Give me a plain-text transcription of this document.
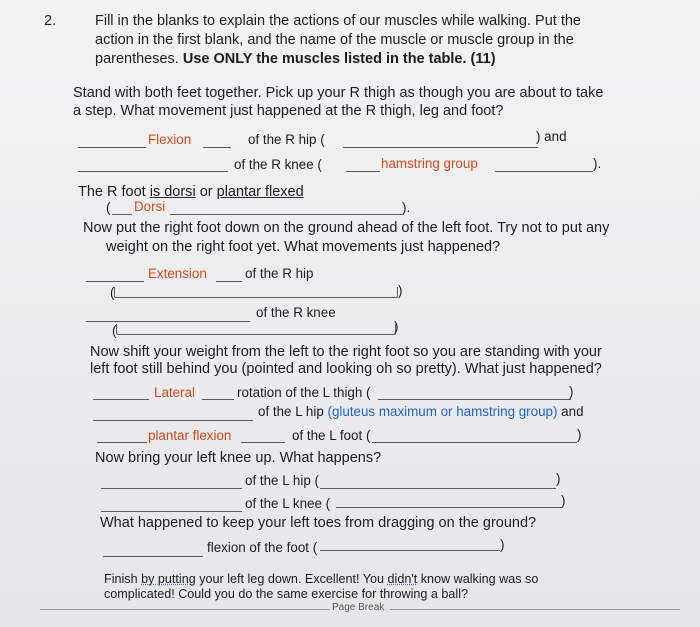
2.	Fill in the blanks to explain the actions of our muscles while walking. Put the
action in the first blank, and the name of the muscle or muscle group in the
parentheses. Use ONLY the muscles listed in the table. (11)
Stand with both feet together. Pick up your R thigh as though you are about to take
a step. What movement just happened at the R thigh, leg and foot?
Flexion	of the R hip (	) and
of the R knee (	hamstring group	).
The R foot is dorsi or plantar flexed
( Dorsi	).
Now put the right foot down on the ground ahead of the left foot. Try not to put any
weight on the right foot yet. What movements just happened?
Extension	of the R hip
(	)
of the R knee
(	)
Now shift your weight from the left to the right foot so you are standing with your
left foot still behind you (pointed and looking oh so pretty). What just happened?
Lateral	rotation of the L thigh (	)
of the L hip (gluteus maximum or hamstring group) and
plantar flexion	of the L foot (	)
Now bring your left knee up. What happens?
of the L hip (	)
of the L knee (	)
What happened to keep your left toes from dragging on the ground?
flexion of the foot (	)
Finish by putting your left leg down. Excellent! You didn't know walking was so
complicated! Could you do the same exercise for throwing a ball?
Page Break
